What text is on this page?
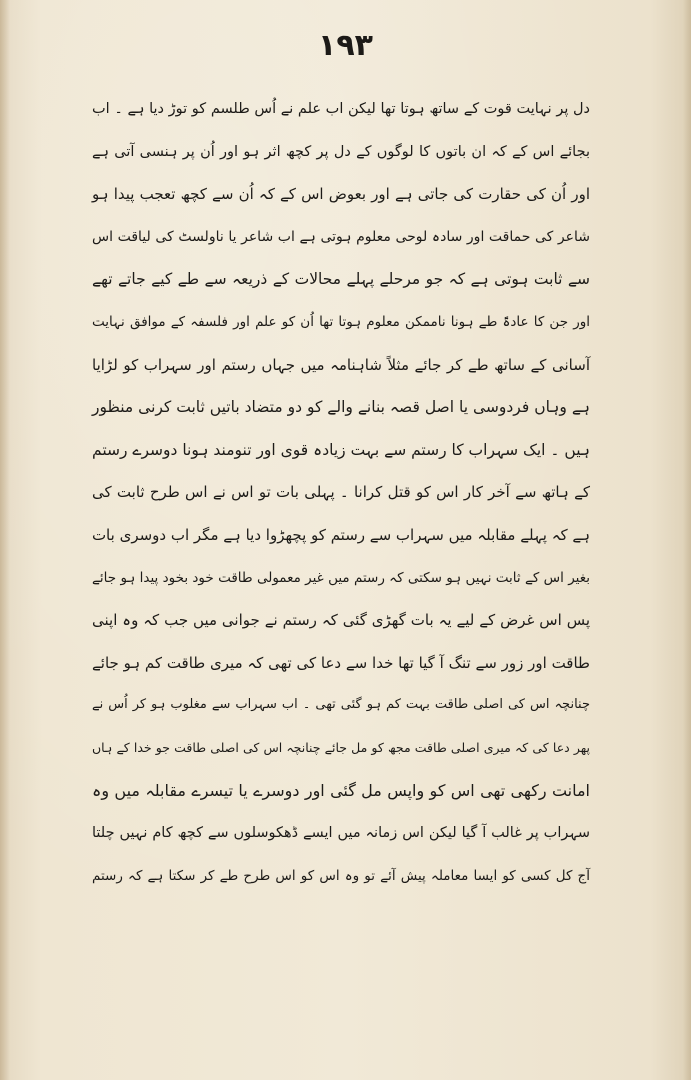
١٩٣
دل پر نہایت قوت کے ساتھ ہوتا تھا لیکن اب علم نے اُس طلسم کو توڑ دیا ہے ۔ اب
بجائے اس کے کہ ان باتوں کا لوگوں کے دل پر کچھ اثر ہو اور اُن پر ہنسی آتی ہے
اور اُن کی حقارت کی جاتی ہے اور بعوض اس کے کہ اُن سے کچھ تعجب پیدا ہو
شاعر کی حماقت اور سادہ لوحی معلوم ہوتی ہے اب شاعر یا ناولسٹ کی لیاقت اس
سے ثابت ہوتی ہے کہ جو مرحلے پہلے محالات کے ذریعہ سے طے کیے جاتے تھے
اور جن کا عادۃً طے ہونا ناممکن معلوم ہوتا تھا اُن کو علم اور فلسفہ کے موافق نہایت
آسانی کے ساتھ طے کر جائے مثلاً شاہنامہ میں جہاں رستم اور سہراب کو لڑایا
ہے وہاں فردوسی یا اصل قصہ بنانے والے کو دو متضاد باتیں ثابت کرنی منظور
ہیں ۔ ایک سہراب کا رستم سے بہت زیادہ قوی اور تنومند ہونا دوسرے رستم
کے ہاتھ سے آخر کار اس کو قتل کرانا ۔ پہلی بات تو اس نے اس طرح ثابت کی
ہے کہ پہلے مقابلہ میں سہراب سے رستم کو پچھڑوا دیا ہے مگر اب دوسری بات
بغیر اس کے ثابت نہیں ہو سکتی کہ رستم میں غیر معمولی طاقت خود بخود پیدا ہو جائے
پس اس غرض کے لیے یہ بات گھڑی گئی کہ رستم نے جوانی میں جب کہ وہ اپنی
طاقت اور زور سے تنگ آ گیا تھا خدا سے دعا کی تھی کہ میری طاقت کم ہو جائے
چنانچہ اس کی اصلی طاقت بہت کم ہو گئی تھی ۔ اب سہراب سے مغلوب ہو کر اُس نے
پھر دعا کی کہ میری اصلی طاقت مجھ کو مل جائے چنانچہ اس کی اصلی طاقت جو خدا کے ہاں
امانت رکھی تھی اس کو واپس مل گئی اور دوسرے یا تیسرے مقابلہ میں وہ
سہراب پر غالب آ گیا لیکن اس زمانہ میں ایسے ڈھکوسلوں سے کچھ کام نہیں چلتا
آج کل کسی کو ایسا معاملہ پیش آئے تو وہ اس کو اس طرح طے کر سکتا ہے کہ رستم
